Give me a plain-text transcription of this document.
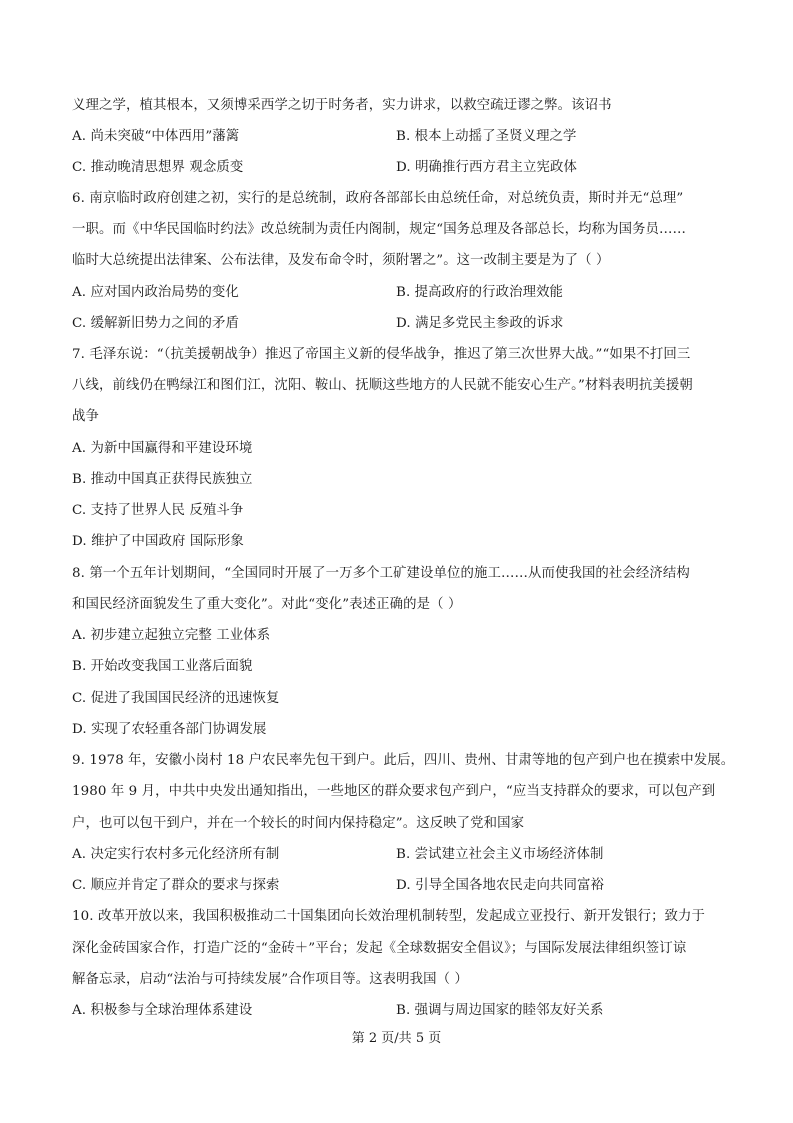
义理之学，植其根本，又须博采西学之切于时务者，实力讲求，以救空疏迂谬之弊。该诏书
A. 尚未突破“中体西用”藩篱	B. 根本上动摇了圣贤义理之学
C. 推动晚清思想界 观念质变	D. 明确推行西方君主立宪政体
6. 南京临时政府创建之初，实行的是总统制，政府各部部长由总统任命，对总统负责，斯时并无“总理”
一职。而《中华民国临时约法》改总统制为责任内阁制，规定“国务总理及各部总长，均称为国务员……
临时大总统提出法律案、公布法律，及发布命令时，须附署之”。这一改制主要是为了（ ）
A. 应对国内政治局势的变化	B. 提高政府的行政治理效能
C. 缓解新旧势力之间的矛盾	D. 满足多党民主参政的诉求
7. 毛泽东说：“（抗美援朝战争）推迟了帝国主义新的侵华战争，推迟了第三次世界大战。”“如果不打回三
八线，前线仍在鸭绿江和图们江，沈阳、鞍山、抚顺这些地方的人民就不能安心生产。”材料表明抗美援朝
战争
A. 为新中国赢得和平建设环境
B. 推动中国真正获得民族独立
C. 支持了世界人民 反殖斗争
D. 维护了中国政府 国际形象
8. 第一个五年计划期间，“全国同时开展了一万多个工矿建设单位的施工……从而使我国的社会经济结构
和国民经济面貌发生了重大变化”。对此“变化”表述正确的是（ ）
A. 初步建立起独立完整 工业体系
B. 开始改变我国工业落后面貌
C. 促进了我国国民经济的迅速恢复
D. 实现了农轻重各部门协调发展
9. 1978 年，安徽小岗村 18 户农民率先包干到户。此后，四川、贵州、甘肃等地的包产到户也在摸索中发展。
1980 年 9 月，中共中央发出通知指出，一些地区的群众要求包产到户，“应当支持群众的要求，可以包产到
户，也可以包干到户，并在一个较长的时间内保持稳定”。这反映了党和国家
A. 决定实行农村多元化经济所有制	B. 尝试建立社会主义市场经济体制
C. 顺应并肯定了群众的要求与探索	D. 引导全国各地农民走向共同富裕
10. 改革开放以来，我国积极推动二十国集团向长效治理机制转型，发起成立亚投行、新开发银行；致力于
深化金砖国家合作，打造广泛的“金砖＋”平台；发起《全球数据安全倡议》；与国际发展法律组织签订谅
解备忘录，启动“法治与可持续发展”合作项目等。这表明我国（ ）
A. 积极参与全球治理体系建设	B. 强调与周边国家的睦邻友好关系
第 2 页/共 5 页
